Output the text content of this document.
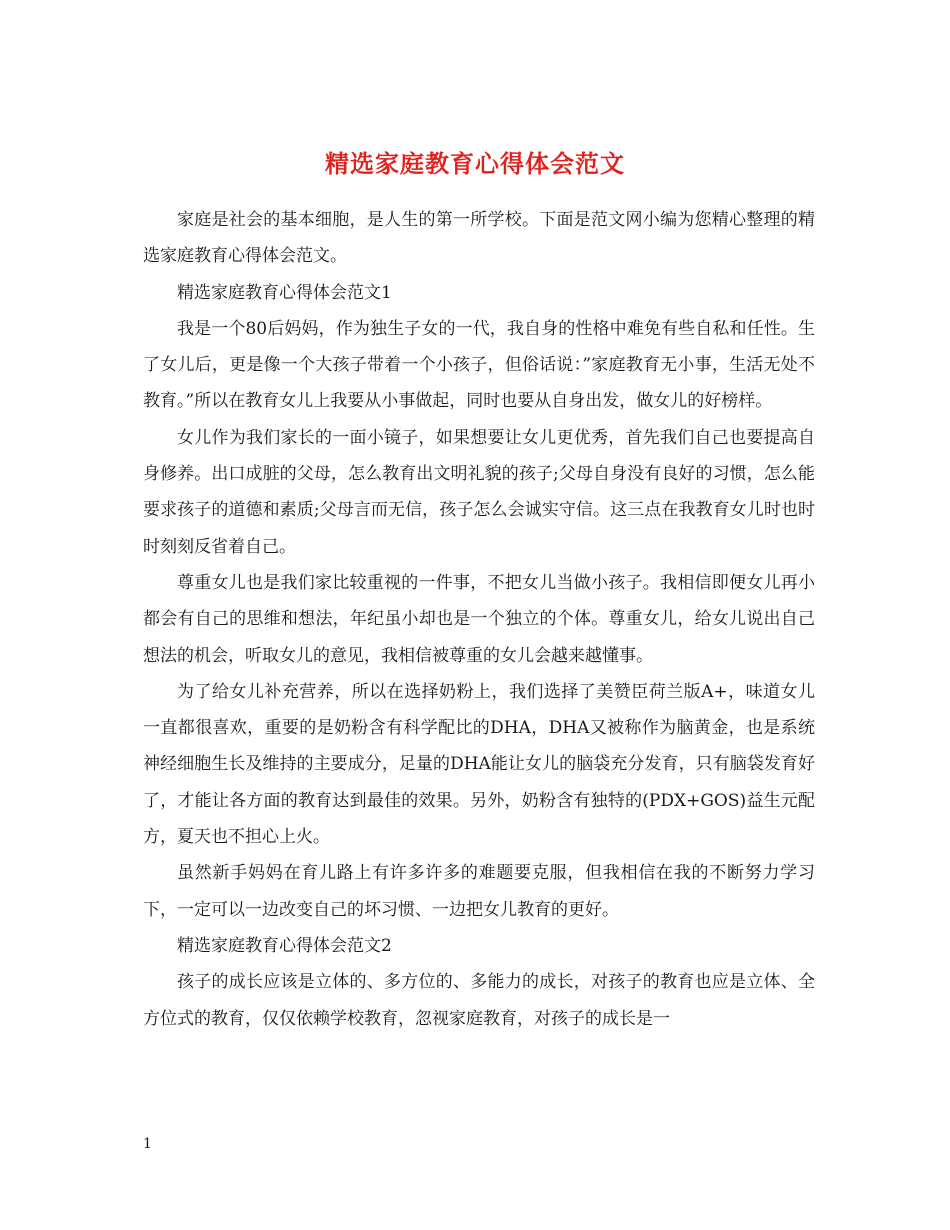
精选家庭教育心得体会范文

家庭是社会的基本细胞，是人生的第一所学校。下面是范文网小编为您精心整理的精选家庭教育心得体会范文。

精选家庭教育心得体会范文1

我是一个80后妈妈，作为独生子女的一代，我自身的性格中难免有些自私和任性。生了女儿后，更是像一个大孩子带着一个小孩子，但俗话说：”家庭教育无小事，生活无处不教育。”所以在教育女儿上我要从小事做起，同时也要从自身出发，做女儿的好榜样。

女儿作为我们家长的一面小镜子，如果想要让女儿更优秀，首先我们自己也要提高自身修养。出口成脏的父母，怎么教育出文明礼貌的孩子;父母自身没有良好的习惯，怎么能要求孩子的道德和素质;父母言而无信，孩子怎么会诚实守信。这三点在我教育女儿时也时时刻刻反省着自己。

尊重女儿也是我们家比较重视的一件事，不把女儿当做小孩子。我相信即便女儿再小都会有自己的思维和想法，年纪虽小却也是一个独立的个体。尊重女儿，给女儿说出自己想法的机会，听取女儿的意见，我相信被尊重的女儿会越来越懂事。

为了给女儿补充营养，所以在选择奶粉上，我们选择了美赞臣荷兰版A+，味道女儿一直都很喜欢，重要的是奶粉含有科学配比的DHA，DHA又被称作为脑黄金，也是系统神经细胞生长及维持的主要成分，足量的DHA能让女儿的脑袋充分发育，只有脑袋发育好了，才能让各方面的教育达到最佳的效果。另外，奶粉含有独特的(PDX+GOS)益生元配方，夏天也不担心上火。

虽然新手妈妈在育儿路上有许多许多的难题要克服，但我相信在我的不断努力学习下，一定可以一边改变自己的坏习惯、一边把女儿教育的更好。

精选家庭教育心得体会范文2

孩子的成长应该是立体的、多方位的、多能力的成长，对孩子的教育也应是立体、全方位式的教育，仅仅依赖学校教育，忽视家庭教育，对孩子的成长是一

1
